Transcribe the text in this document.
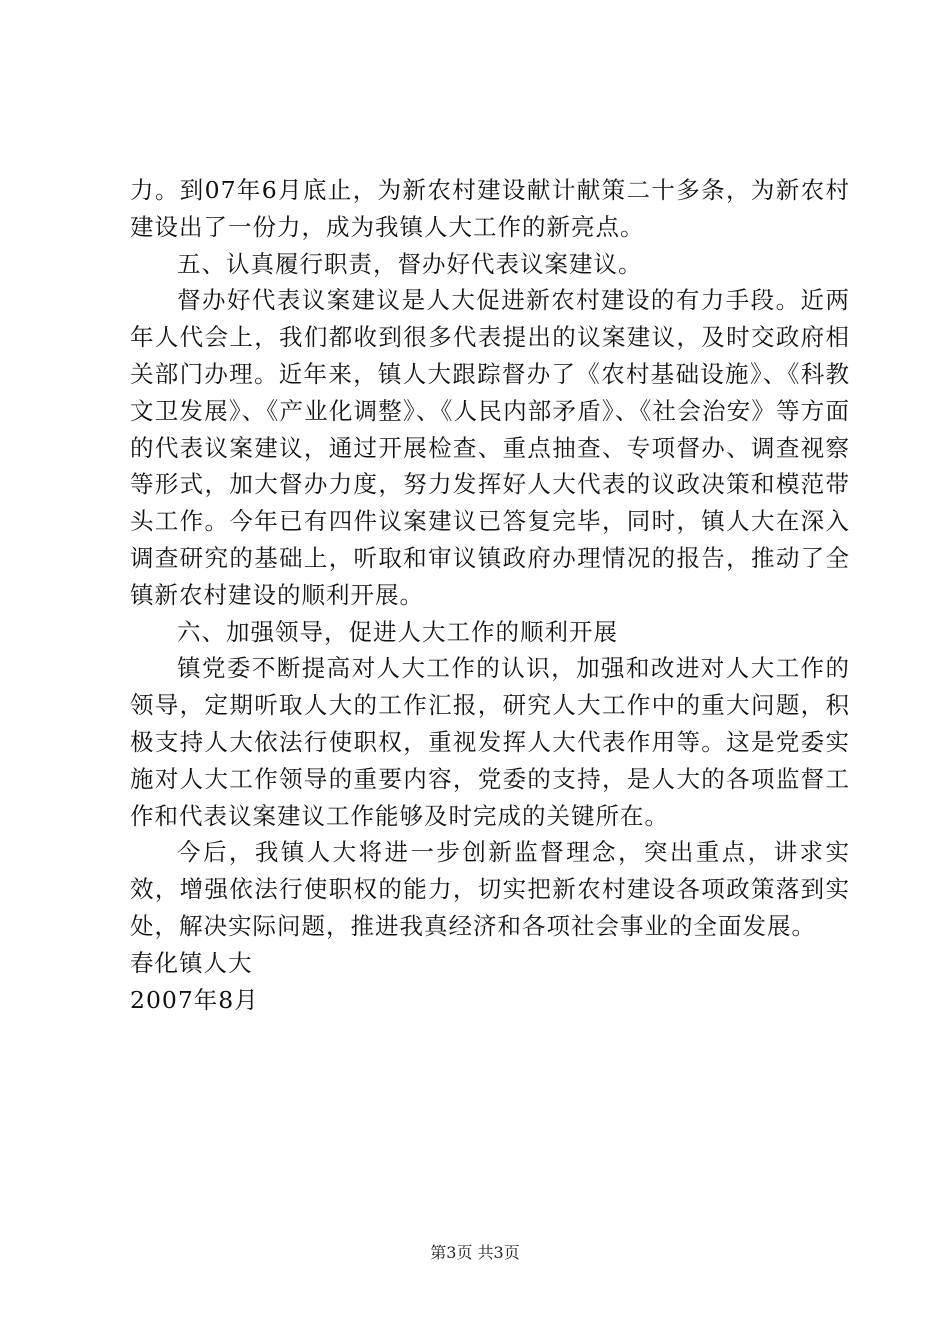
力。到07年6月底止，为新农村建设献计献策二十多条，为新农村建设出了一份力，成为我镇人大工作的新亮点。

五、认真履行职责，督办好代表议案建议。

督办好代表议案建议是人大促进新农村建设的有力手段。近两年人代会上，我们都收到很多代表提出的议案建议，及时交政府相关部门办理。近年来，镇人大跟踪督办了《农村基础设施》、《科教文卫发展》、《产业化调整》、《人民内部矛盾》、《社会治安》等方面的代表议案建议，通过开展检查、重点抽查、专项督办、调查视察等形式，加大督办力度，努力发挥好人大代表的议政决策和模范带头工作。今年已有四件议案建议已答复完毕，同时，镇人大在深入调查研究的基础上，听取和审议镇政府办理情况的报告，推动了全镇新农村建设的顺利开展。

六、加强领导，促进人大工作的顺利开展

镇党委不断提高对人大工作的认识，加强和改进对人大工作的领导，定期听取人大的工作汇报，研究人大工作中的重大问题，积极支持人大依法行使职权，重视发挥人大代表作用等。这是党委实施对人大工作领导的重要内容，党委的支持，是人大的各项监督工作和代表议案建议工作能够及时完成的关键所在。

今后，我镇人大将进一步创新监督理念，突出重点，讲求实效，增强依法行使职权的能力，切实把新农村建设各项政策落到实处，解决实际问题，推进我真经济和各项社会事业的全面发展。

春化镇人大

2007年8月

第3页 共3页
